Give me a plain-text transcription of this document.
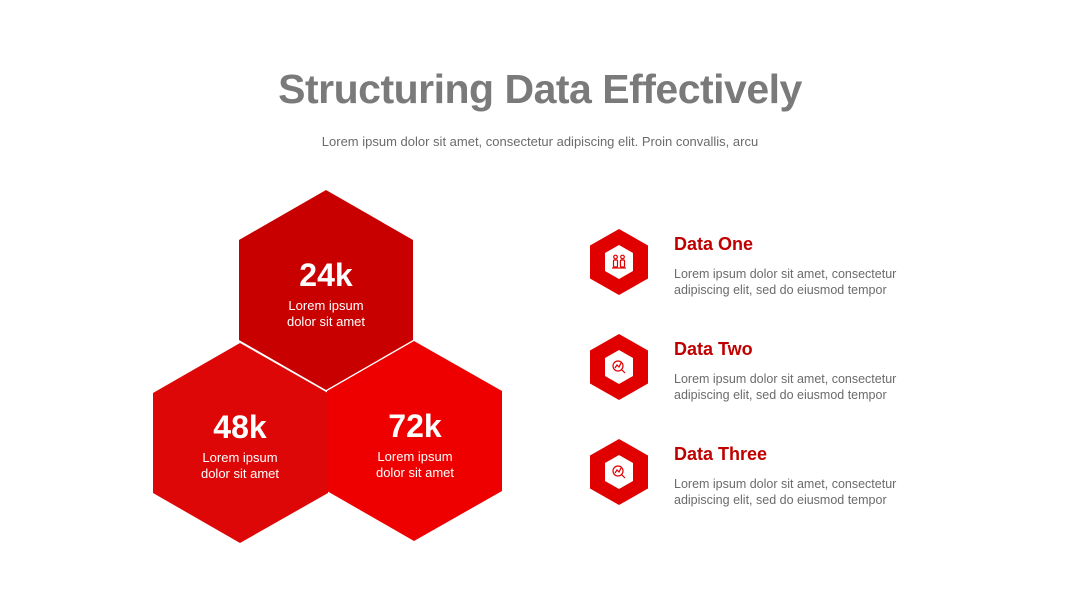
Structuring Data Effectively
Lorem ipsum dolor sit amet, consectetur adipiscing elit. Proin convallis, arcu
24k
Lorem ipsum
dolor sit amet
48k
Lorem ipsum
dolor sit amet
72k
Lorem ipsum
dolor sit amet
Data One
Lorem ipsum dolor sit amet, consectetur
adipiscing elit, sed do eiusmod tempor
Data Two
Lorem ipsum dolor sit amet, consectetur
adipiscing elit, sed do eiusmod tempor
Data Three
Lorem ipsum dolor sit amet, consectetur
adipiscing elit, sed do eiusmod tempor
